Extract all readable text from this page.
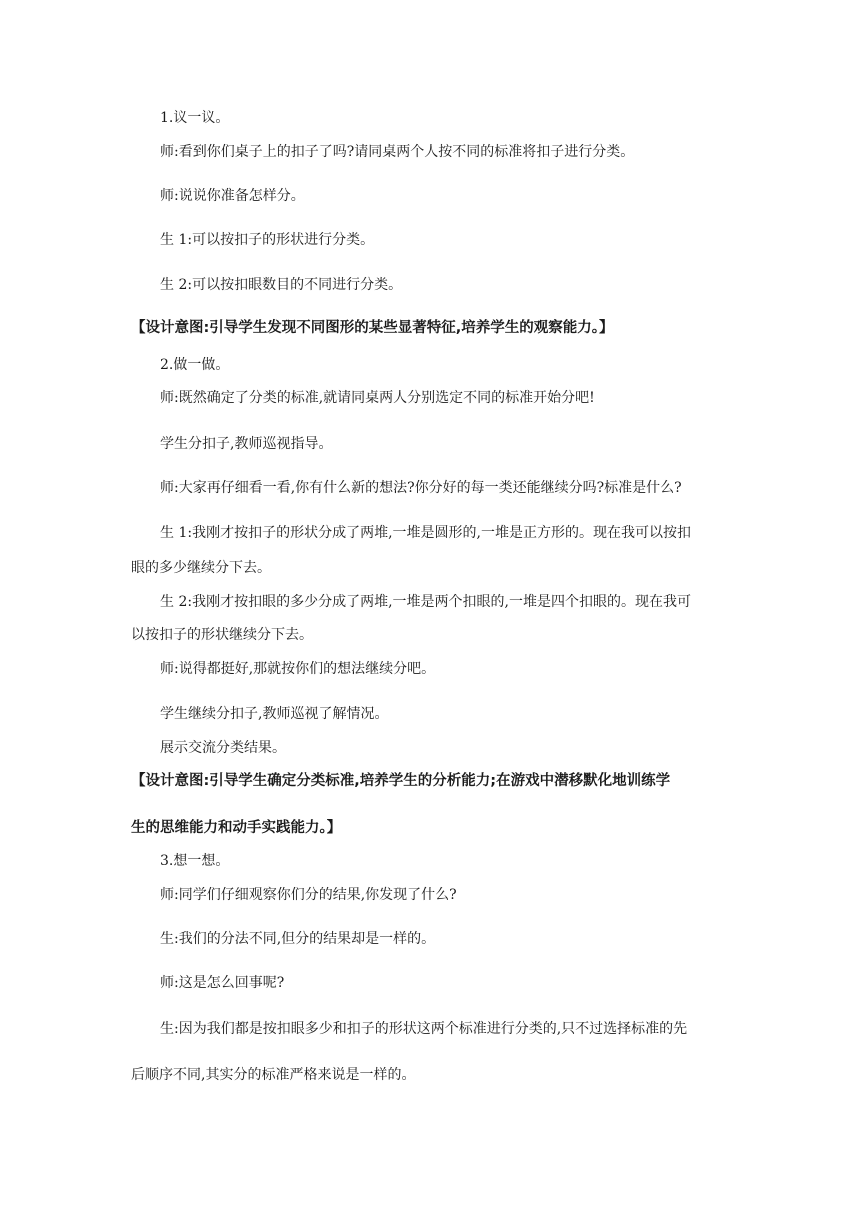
1.议一议。
师:看到你们桌子上的扣子了吗?请同桌两个人按不同的标准将扣子进行分类。
师:说说你准备怎样分。
生 1:可以按扣子的形状进行分类。
生 2:可以按扣眼数目的不同进行分类。
【设计意图:引导学生发现不同图形的某些显著特征,培养学生的观察能力。】
2.做一做。
师:既然确定了分类的标准,就请同桌两人分别选定不同的标准开始分吧!
学生分扣子,教师巡视指导。
师:大家再仔细看一看,你有什么新的想法?你分好的每一类还能继续分吗?标准是什么?
生 1:我刚才按扣子的形状分成了两堆,一堆是圆形的,一堆是正方形的。现在我可以按扣
眼的多少继续分下去。
生 2:我刚才按扣眼的多少分成了两堆,一堆是两个扣眼的,一堆是四个扣眼的。现在我可
以按扣子的形状继续分下去。
师:说得都挺好,那就按你们的想法继续分吧。
学生继续分扣子,教师巡视了解情况。
展示交流分类结果。
【设计意图:引导学生确定分类标准,培养学生的分析能力;在游戏中潜移默化地训练学
生的思维能力和动手实践能力。】
3.想一想。
师:同学们仔细观察你们分的结果,你发现了什么?
生:我们的分法不同,但分的结果却是一样的。
师:这是怎么回事呢?
生:因为我们都是按扣眼多少和扣子的形状这两个标准进行分类的,只不过选择标准的先
后顺序不同,其实分的标准严格来说是一样的。
